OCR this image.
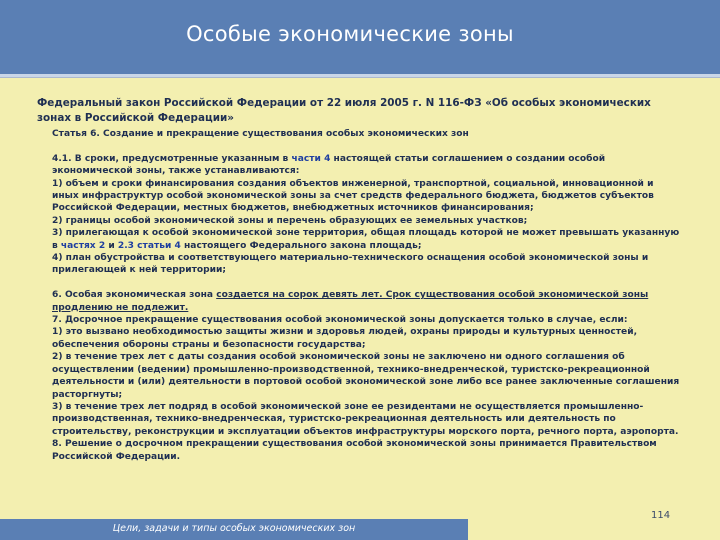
Особые экономические зоны
Федеральный закон Российской Федерации от 22 июля 2005 г. N 116-ФЗ «Об особых экономических зонах в Российской Федерации»

Статья 6. Создание и прекращение существования особых экономических зон

4.1. В сроки, предусмотренные указанным в части 4 настоящей статьи соглашением о создании особой экономической зоны, также устанавливаются:

1) объем и сроки финансирования создания объектов инженерной, транспортной, социальной, инновационной и иных инфраструктур особой экономической зоны за счет средств федерального бюджета, бюджетов субъектов Российской Федерации, местных бюджетов, внебюджетных источников финансирования;

2) границы особой экономической зоны и перечень образующих ее земельных участков;

3) прилегающая к особой экономической зоне территория, общая площадь которой не может превышать указанную в частях 2 и 2.3 статьи 4 настоящего Федерального закона площадь;

4) план обустройства и соответствующего материально-технического оснащения особой экономической зоны и прилегающей к ней территории;

6. Особая экономическая зона создается на сорок девять лет. Срок существования особой экономической зоны продлению не подлежит.

7. Досрочное прекращение существования особой экономической зоны допускается только в случае, если:

1) это вызвано необходимостью защиты жизни и здоровья людей, охраны природы и культурных ценностей, обеспечения обороны страны и безопасности государства;

2) в течение трех лет с даты создания особой экономической зоны не заключено ни одного соглашения об осуществлении (ведении) промышленно-производственной, технико-внедренческой, туристско-рекреационной деятельности и (или) деятельности в портовой особой экономической зоне либо все ранее заключенные соглашения расторгнуты;

3) в течение трех лет подряд в особой экономической зоне ее резидентами не осуществляется промышленно-производственная, технико-внедренческая, туристско-рекреационная деятельность или деятельность по строительству, реконструкции и эксплуатации объектов инфраструктуры морского порта, речного порта, аэропорта.

8. Решение о досрочном прекращении существования особой экономической зоны принимается Правительством Российской Федерации.

114
Цели, задачи и типы особых экономических зон
